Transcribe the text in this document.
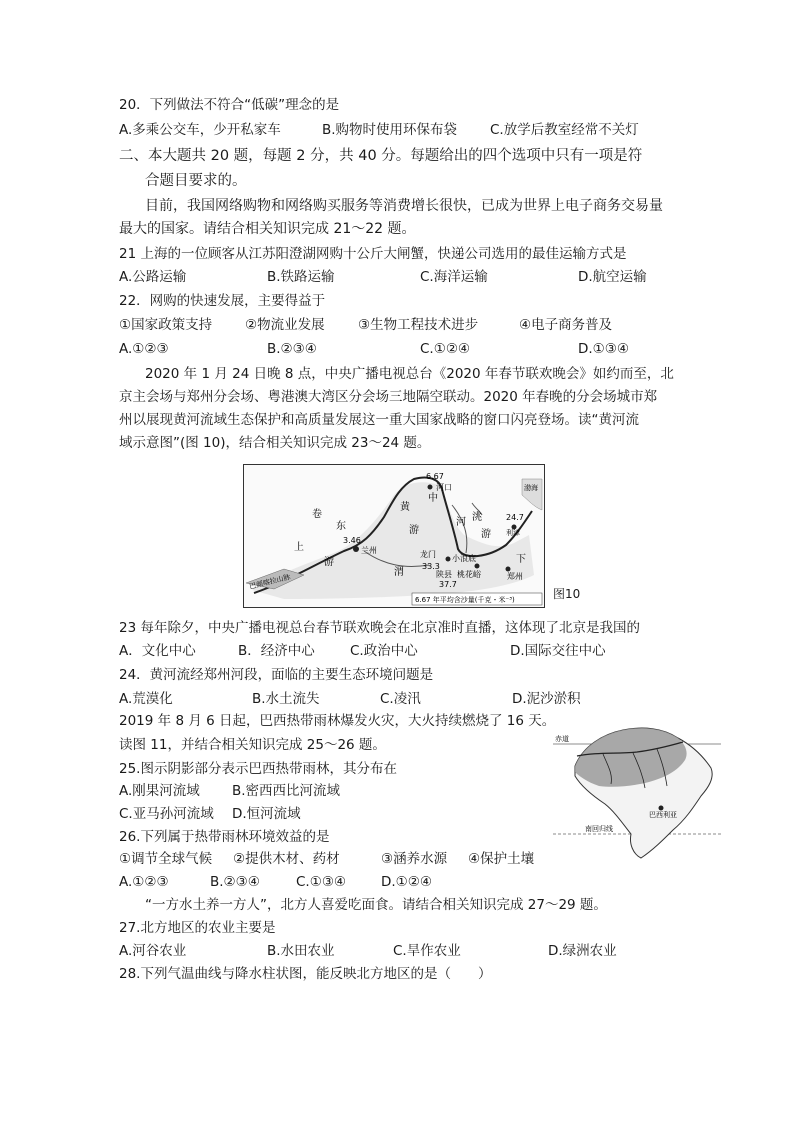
20．下列做法不符合“低碳”理念的是
A.多乘公交车，少开私家车	B.购物时使用环保布袋 C.放学后教室经常不关灯
二、本大题共 20 题，每题 2 分，共 40 分。每题给出的四个选项中只有一项是符
合题目要求的。
目前，我国网络购物和网络购买服务等消费增长很快，已成为世界上电子商务交易量
最大的国家。请结合相关知识完成 21～22 题。
21 上海的一位顾客从江苏阳澄湖网购十公斤大闸蟹，快递公司选用的最佳运输方式是
A.公路运输	B.铁路运输	C.海洋运输	D.航空运输
22．网购的快速发展，主要得益于
①国家政策支持 ②物流业发展 ③生物工程技术进步	④电子商务普及
A.①②③	B.②③④	C.①②④	D.①③④
2020 年 1 月 24 日晚 8 点，中央广播电视总台《2020 年春节联欢晚会》如约而至，北
京主会场与郑州分会场、粤港澳大湾区分会场三地隔空联动。2020 年春晚的分会场城市郑
州以展现黄河流域生态保护和高质量发展这一重大国家战略的窗口闪亮登场。读“黄河流
域示意图”(图 10)，结合相关知识完成 23～24 题。
6.67
河口
中
渤海
24.7
利津
3.46
兰州
卷
东
黄
游
河 洮
游
上
游
渭
龙门 小浪底
33.3
陕县 桃花峪	郑州
37.7
下
巴颜喀拉山脉
6.67 年平均含沙量(千克・米⁻³)	图10
23 每年除夕，中央广播电视总台春节联欢晚会在北京准时直播，这体现了北京是我国的
A．文化中心	B．经济中心	C.政治中心	D.国际交往中心
24．黄河流经郑州河段，面临的主要生态环境问题是
A.荒漠化	B.水土流失	C.凌汛	D.泥沙淤积
2019 年 8 月 6 日起，巴西热带雨林爆发火灾，大火持续燃烧了 16 天。
读图 11，并结合相关知识完成 25～26 题。
巴西利亚
赤道
南回归线
25.图示阴影部分表示巴西热带雨林，其分布在
A.刚果河流域 B.密西西比河流域
C.亚马孙河流域 D.恒河流域
26.下列属于热带雨林环境效益的是
①调节全球气候 ②提供木材、药材	③涵养水源 ④保护土壤
A.①②③	B.②③④	C.①③④	D.①②④
“一方水土养一方人”，北方人喜爱吃面食。请结合相关知识完成 27～29 题。
27.北方地区的农业主要是
A.河谷农业	B.水田农业	C.旱作农业	D.绿洲农业
28.下列气温曲线与降水柱状图，能反映北方地区的是（　　）
